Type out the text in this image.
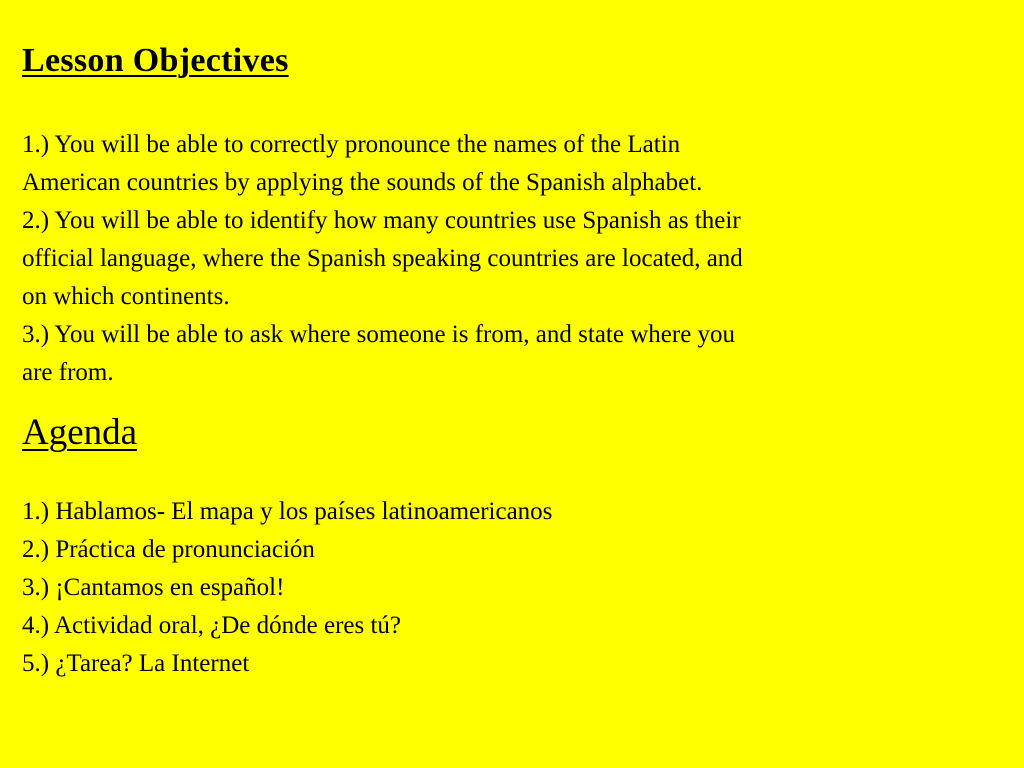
Lesson Objectives
1.) You will be able to correctly pronounce the names of the Latin
American countries by applying the sounds of the Spanish alphabet.
2.) You will be able to identify how many countries use Spanish as their
official language, where the Spanish speaking countries are located, and
on which continents.
3.) You will be able to ask where someone is from, and state where you
are from.
Agenda
1.) Hablamos- El mapa y los países latinoamericanos
2.) Práctica de pronunciación
3.) ¡Cantamos en español!
4.) Actividad oral, ¿De dónde eres tú?
5.) ¿Tarea? La Internet
